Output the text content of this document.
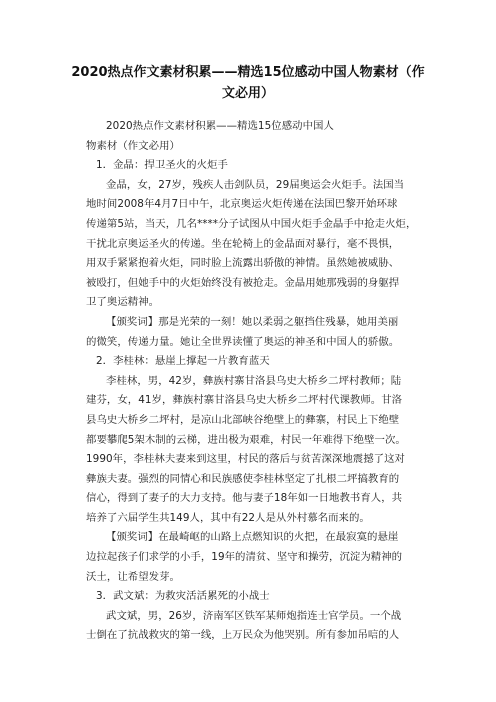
2020热点作文素材积累——精选15位感动中国人物素材（作
文必用）

2020热点作文素材积累——精选15位感动中国人

物素材（作文必用）

1．金晶：捍卫圣火的火炬手

金晶，女，27岁，残疾人击剑队员，29届奥运会火炬手。法国当

地时间2008年4月7日中午，北京奥运火炬传递在法国巴黎开始环球

传递第5站，当天，几名****分子试图从中国火炬手金晶手中抢走火炬，

干扰北京奥运圣火的传递。坐在轮椅上的金晶面对暴行，毫不畏惧，

用双手紧紧抱着火炬，同时脸上流露出骄傲的神情。虽然她被威胁、

被殴打，但她手中的火炬始终没有被抢走。金晶用她那残弱的身躯捍

卫了奥运精神。

【颁奖词】那是光荣的一刻！她以柔弱之躯挡住残暴，她用美丽

的微笑，传递力量。她让全世界读懂了奥运的神圣和中国人的骄傲。

2．李桂林：悬崖上撑起一片教育蓝天

李桂林，男，42岁，彝族村寨甘洛县乌史大桥乡二坪村教师；陆

建芬，女，41岁，彝族村寨甘洛县乌史大桥乡二坪村代课教师。甘洛

县乌史大桥乡二坪村，是凉山北部峡谷绝壁上的彝寨，村民上下绝壁

都要攀爬5架木制的云梯，进出极为艰难，村民一年难得下绝壁一次。

1990年，李桂林夫妻来到这里，村民的落后与贫苦深深地震撼了这对

彝族夫妻。强烈的同情心和民族感使李桂林坚定了扎根二坪搞教育的

信心，得到了妻子的大力支持。他与妻子18年如一日地教书育人，共

培养了六届学生共149人，其中有22人是从外村慕名而来的。

【颁奖词】在最崎岖的山路上点燃知识的火把，在最寂寞的悬崖

边拉起孩子们求学的小手，19年的清贫、坚守和操劳，沉淀为精神的

沃土，让希望发芽。

3．武文斌：为救灾活活累死的小战士

武文斌，男，26岁，济南军区铁军某师炮指连士官学员。一个战

士倒在了抗战救灾的第一线，上万民众为他哭别。所有参加吊唁的人
